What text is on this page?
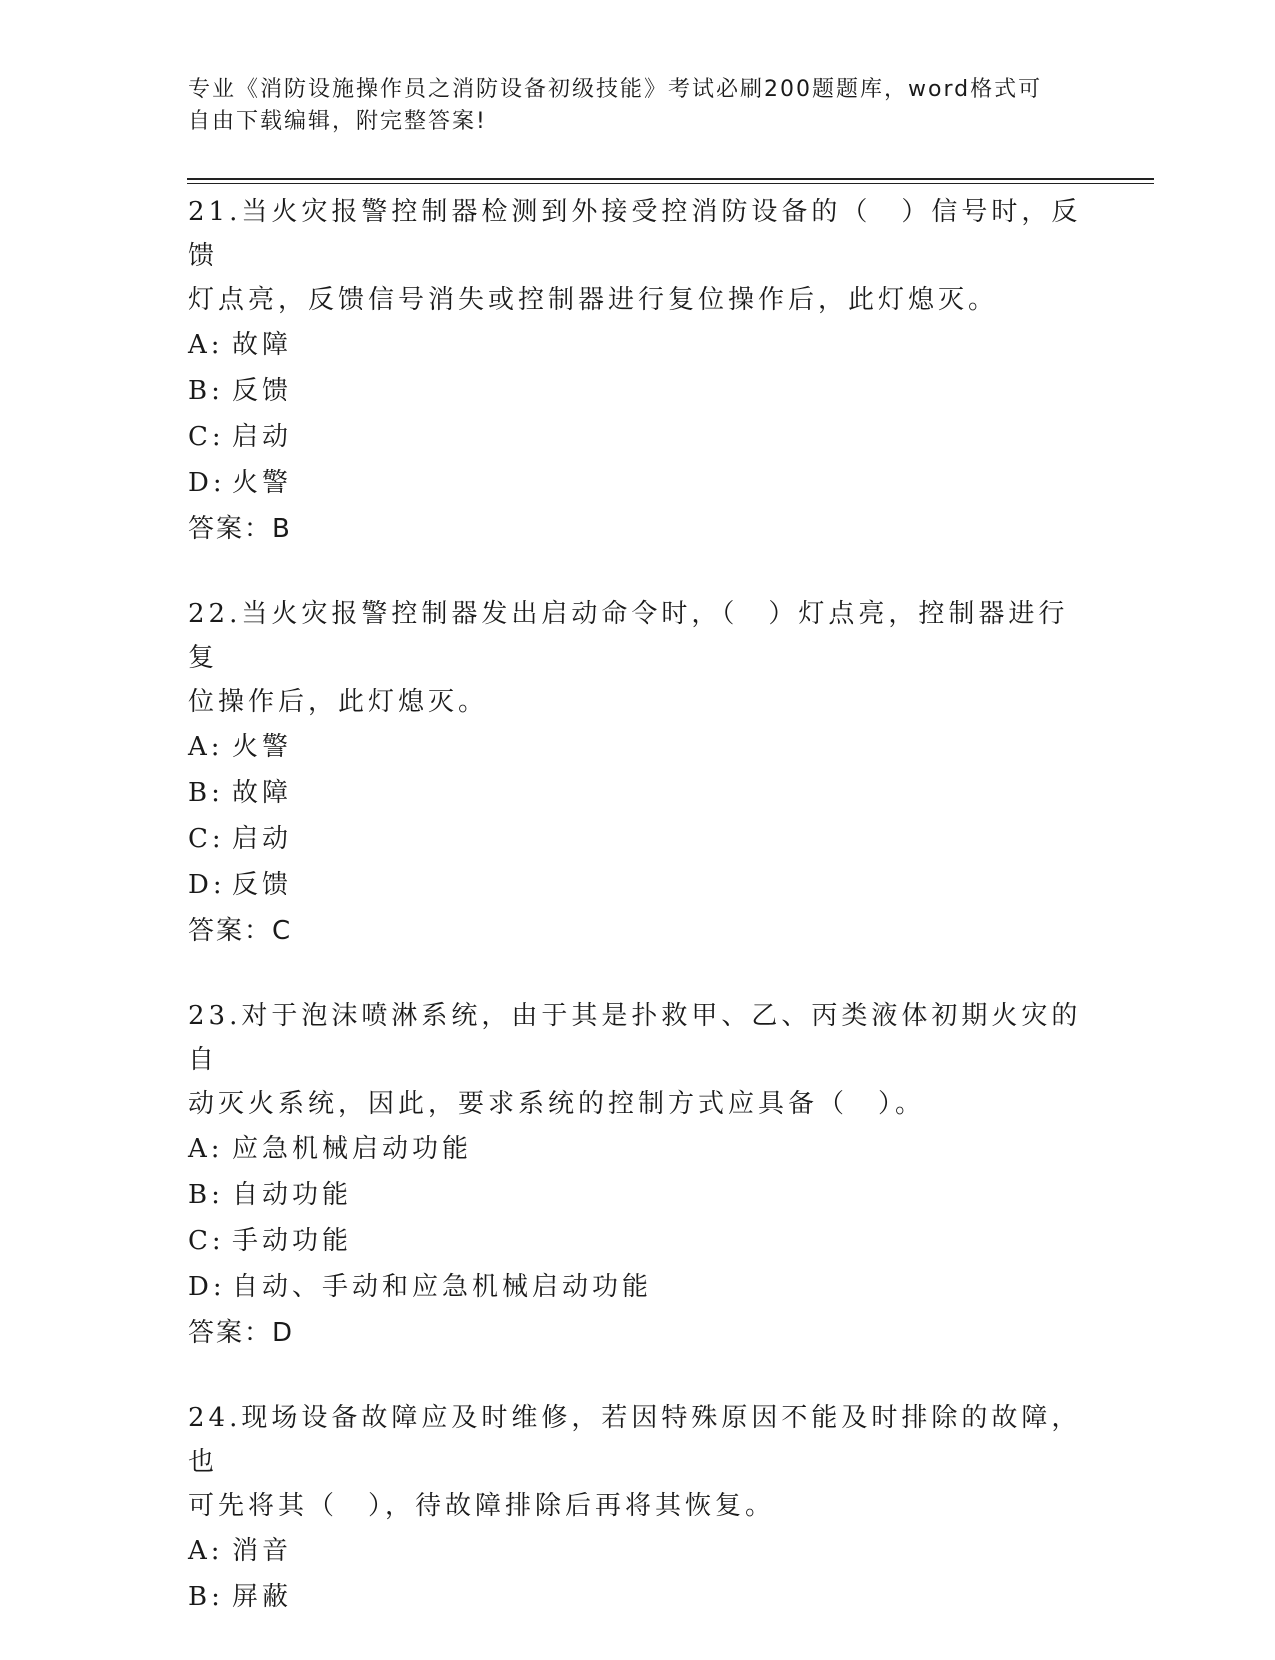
专业《消防设施操作员之消防设备初级技能》考试必刷200题题库，word格式可
自由下载编辑，附完整答案!

21.当火灾报警控制器检测到外接受控消防设备的（　）信号时，反馈

灯点亮，反馈信号消失或控制器进行复位操作后，此灯熄灭。

A: 故障

B: 反馈

C: 启动

D: 火警

答案：B

22.当火灾报警控制器发出启动命令时，（　）灯点亮，控制器进行复

位操作后，此灯熄灭。

A: 火警

B: 故障

C: 启动

D: 反馈

答案：C

23.对于泡沫喷淋系统，由于其是扑救甲、乙、丙类液体初期火灾的自

动灭火系统，因此，要求系统的控制方式应具备（　）。

A: 应急机械启动功能

B: 自动功能

C: 手动功能

D: 自动、手动和应急机械启动功能

答案：D

24.现场设备故障应及时维修，若因特殊原因不能及时排除的故障，也

可先将其（　），待故障排除后再将其恢复。

A: 消音

B: 屏蔽
